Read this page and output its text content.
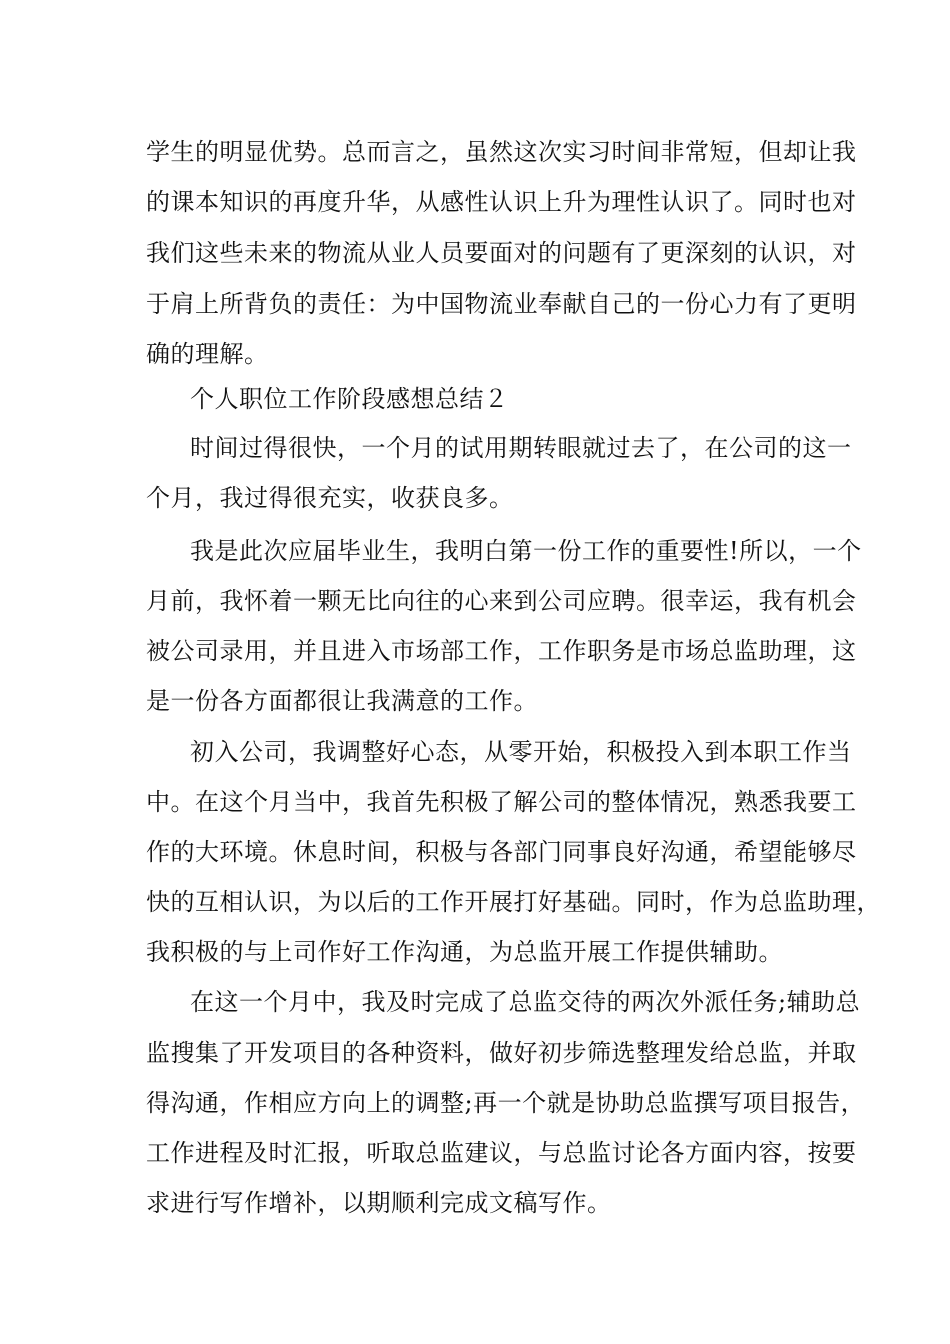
学生的明显优势。总而言之，虽然这次实习时间非常短，但却让我
的课本知识的再度升华，从感性认识上升为理性认识了。同时也对
我们这些未来的物流从业人员要面对的问题有了更深刻的认识，对
于肩上所背负的责任：为中国物流业奉献自己的一份心力有了更明
确的理解。
个人职位工作阶段感想总结２
时间过得很快，一个月的试用期转眼就过去了，在公司的这一
个月，我过得很充实，收获良多。
我是此次应届毕业生，我明白第一份工作的重要性!所以，一个
月前，我怀着一颗无比向往的心来到公司应聘。很幸运，我有机会
被公司录用，并且进入市场部工作，工作职务是市场总监助理，这
是一份各方面都很让我满意的工作。
初入公司，我调整好心态，从零开始，积极投入到本职工作当
中。在这个月当中，我首先积极了解公司的整体情况，熟悉我要工
作的大环境。休息时间，积极与各部门同事良好沟通，希望能够尽
快的互相认识，为以后的工作开展打好基础。同时，作为总监助理，
我积极的与上司作好工作沟通，为总监开展工作提供辅助。
在这一个月中，我及时完成了总监交待的两次外派任务;辅助总
监搜集了开发项目的各种资料，做好初步筛选整理发给总监，并取
得沟通，作相应方向上的调整;再一个就是协助总监撰写项目报告，
工作进程及时汇报，听取总监建议，与总监讨论各方面内容，按要
求进行写作增补，以期顺利完成文稿写作。
